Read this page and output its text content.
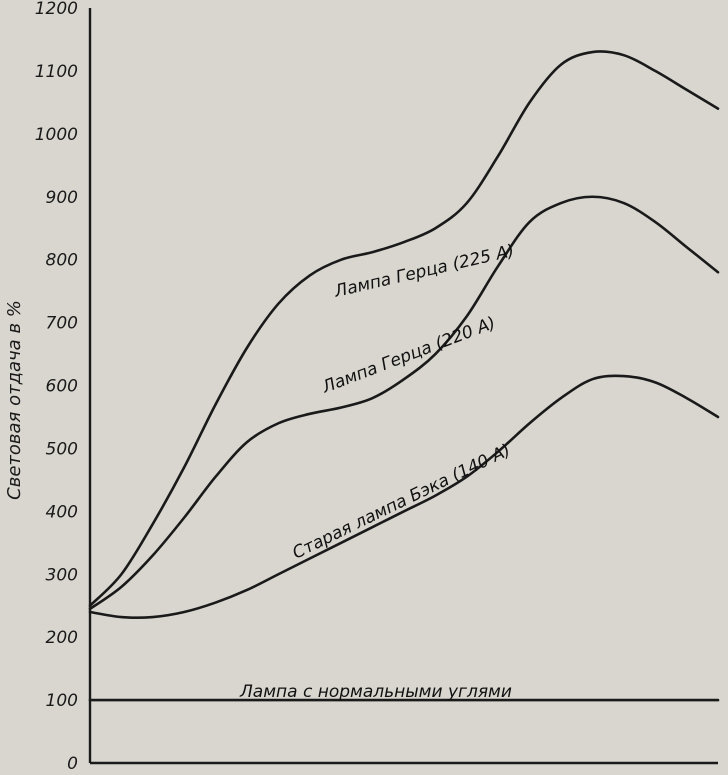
0
100
200
300
400
500
600
700
800
900
1000
1100
1200
Лампа Герца (225 А)
Лампа Герца (220 А)
Старая лампа Бэка (140 А)
Лампа с нормальными углями
Световая отдача в %
